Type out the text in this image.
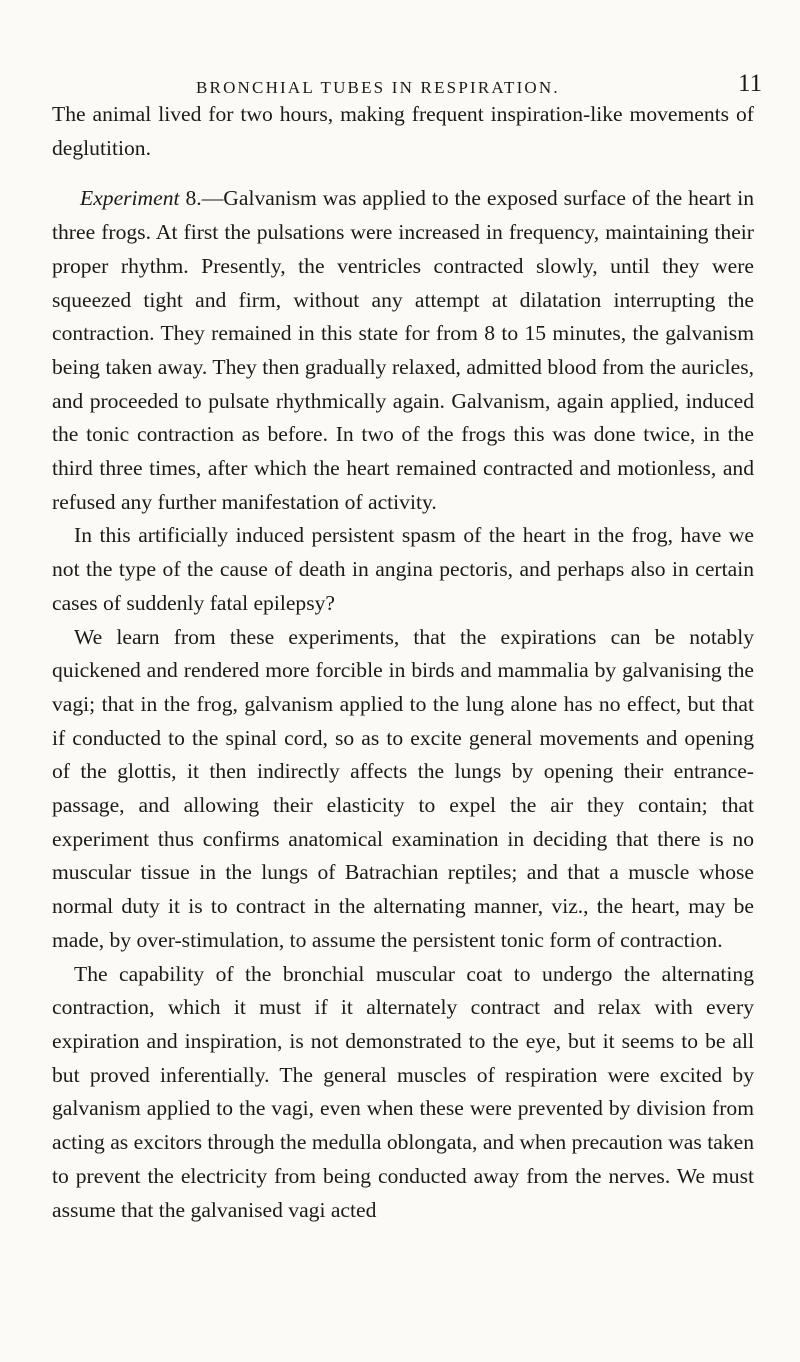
BRONCHIAL TUBES IN RESPIRATION.	11

The animal lived for two hours, making frequent inspiration-like movements of deglutition.

Experiment 8.—Galvanism was applied to the exposed surface of the heart in three frogs. At first the pulsations were increased in frequency, maintaining their proper rhythm. Presently, the ventricles contracted slowly, until they were squeezed tight and firm, without any attempt at dilatation interrupting the contraction. They remained in this state for from 8 to 15 minutes, the galvanism being taken away. They then gradually relaxed, admitted blood from the auricles, and proceeded to pulsate rhythmically again. Galvanism, again applied, induced the tonic contraction as before. In two of the frogs this was done twice, in the third three times, after which the heart remained contracted and motionless, and refused any further manifestation of activity.

In this artificially induced persistent spasm of the heart in the frog, have we not the type of the cause of death in angina pectoris, and perhaps also in certain cases of suddenly fatal epilepsy?

We learn from these experiments, that the expirations can be notably quickened and rendered more forcible in birds and mammalia by galvanising the vagi; that in the frog, galvanism applied to the lung alone has no effect, but that if conducted to the spinal cord, so as to excite general movements and opening of the glottis, it then indirectly affects the lungs by opening their entrance-passage, and allowing their elasticity to expel the air they contain; that experiment thus confirms anatomical examination in deciding that there is no muscular tissue in the lungs of Batrachian reptiles; and that a muscle whose normal duty it is to contract in the alternating manner, viz., the heart, may be made, by over-stimulation, to assume the persistent tonic form of contraction.

The capability of the bronchial muscular coat to undergo the alternating contraction, which it must if it alternately contract and relax with every expiration and inspiration, is not demonstrated to the eye, but it seems to be all but proved inferentially. The general muscles of respiration were excited by galvanism applied to the vagi, even when these were prevented by division from acting as excitors through the medulla oblongata, and when precaution was taken to prevent the electricity from being conducted away from the nerves. We must assume that the galvanised vagi acted
